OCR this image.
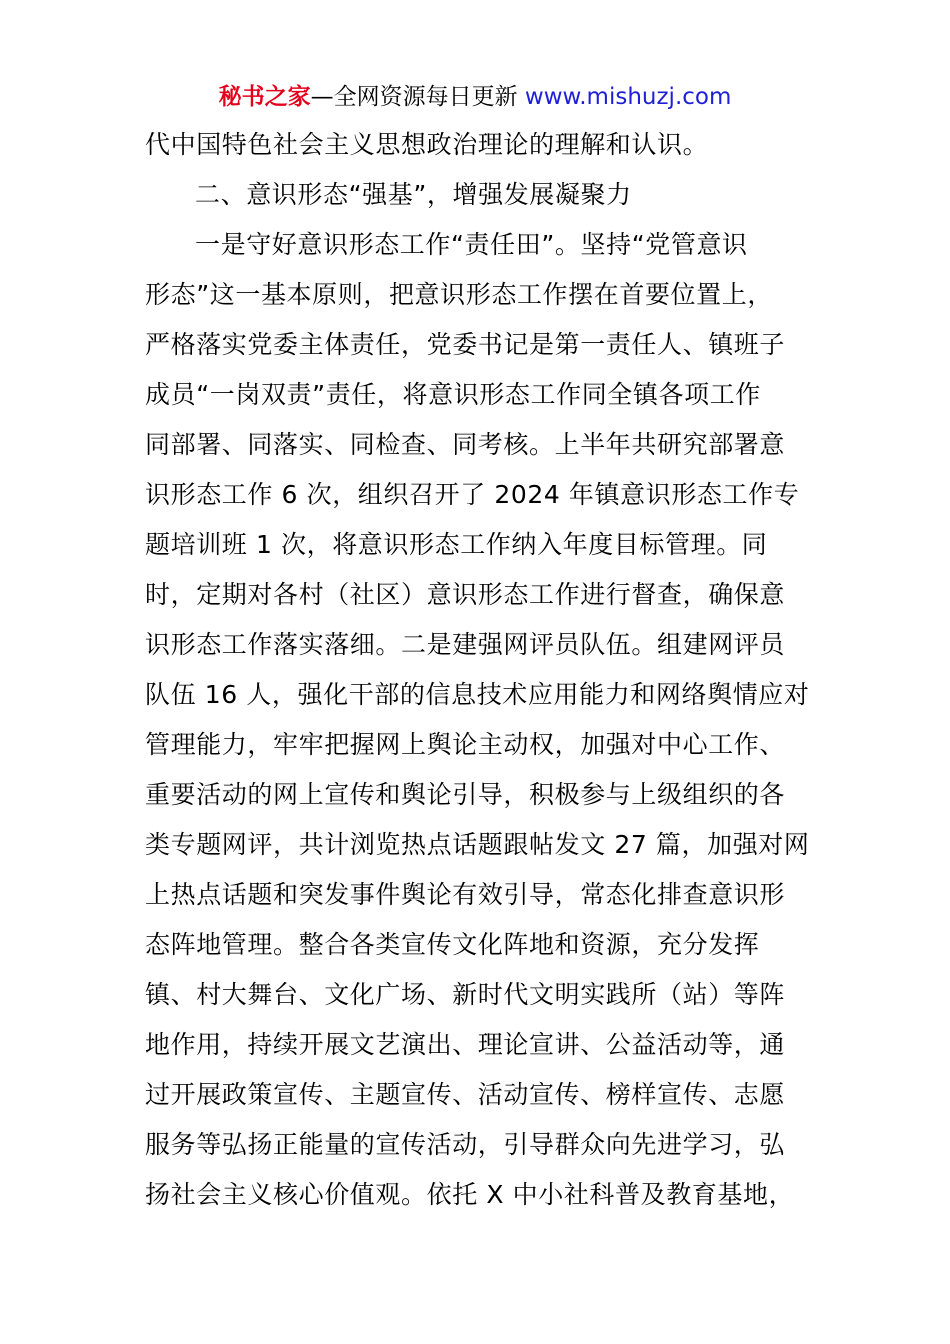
秘书之家—全网资源每日更新 www.mishuzj.com
代中国特色社会主义思想政治理论的理解和认识。
二、意识形态“强基”，增强发展凝聚力
一是守好意识形态工作“责任田”。坚持“党管意识
形态”这一基本原则，把意识形态工作摆在首要位置上，
严格落实党委主体责任，党委书记是第一责任人、镇班子
成员“一岗双责”责任，将意识形态工作同全镇各项工作
同部署、同落实、同检查、同考核。上半年共研究部署意
识形态工作 6 次，组织召开了 2024 年镇意识形态工作专
题培训班 1 次，将意识形态工作纳入年度目标管理。同
时，定期对各村（社区）意识形态工作进行督查，确保意
识形态工作落实落细。二是建强网评员队伍。组建网评员
队伍 16 人，强化干部的信息技术应用能力和网络舆情应对
管理能力，牢牢把握网上舆论主动权，加强对中心工作、
重要活动的网上宣传和舆论引导，积极参与上级组织的各
类专题网评，共计浏览热点话题跟帖发文 27 篇，加强对网
上热点话题和突发事件舆论有效引导，常态化排查意识形
态阵地管理。整合各类宣传文化阵地和资源，充分发挥
镇、村大舞台、文化广场、新时代文明实践所（站）等阵
地作用，持续开展文艺演出、理论宣讲、公益活动等，通
过开展政策宣传、主题宣传、活动宣传、榜样宣传、志愿
服务等弘扬正能量的宣传活动，引导群众向先进学习，弘
扬社会主义核心价值观。依托 X 中小社科普及教育基地，
